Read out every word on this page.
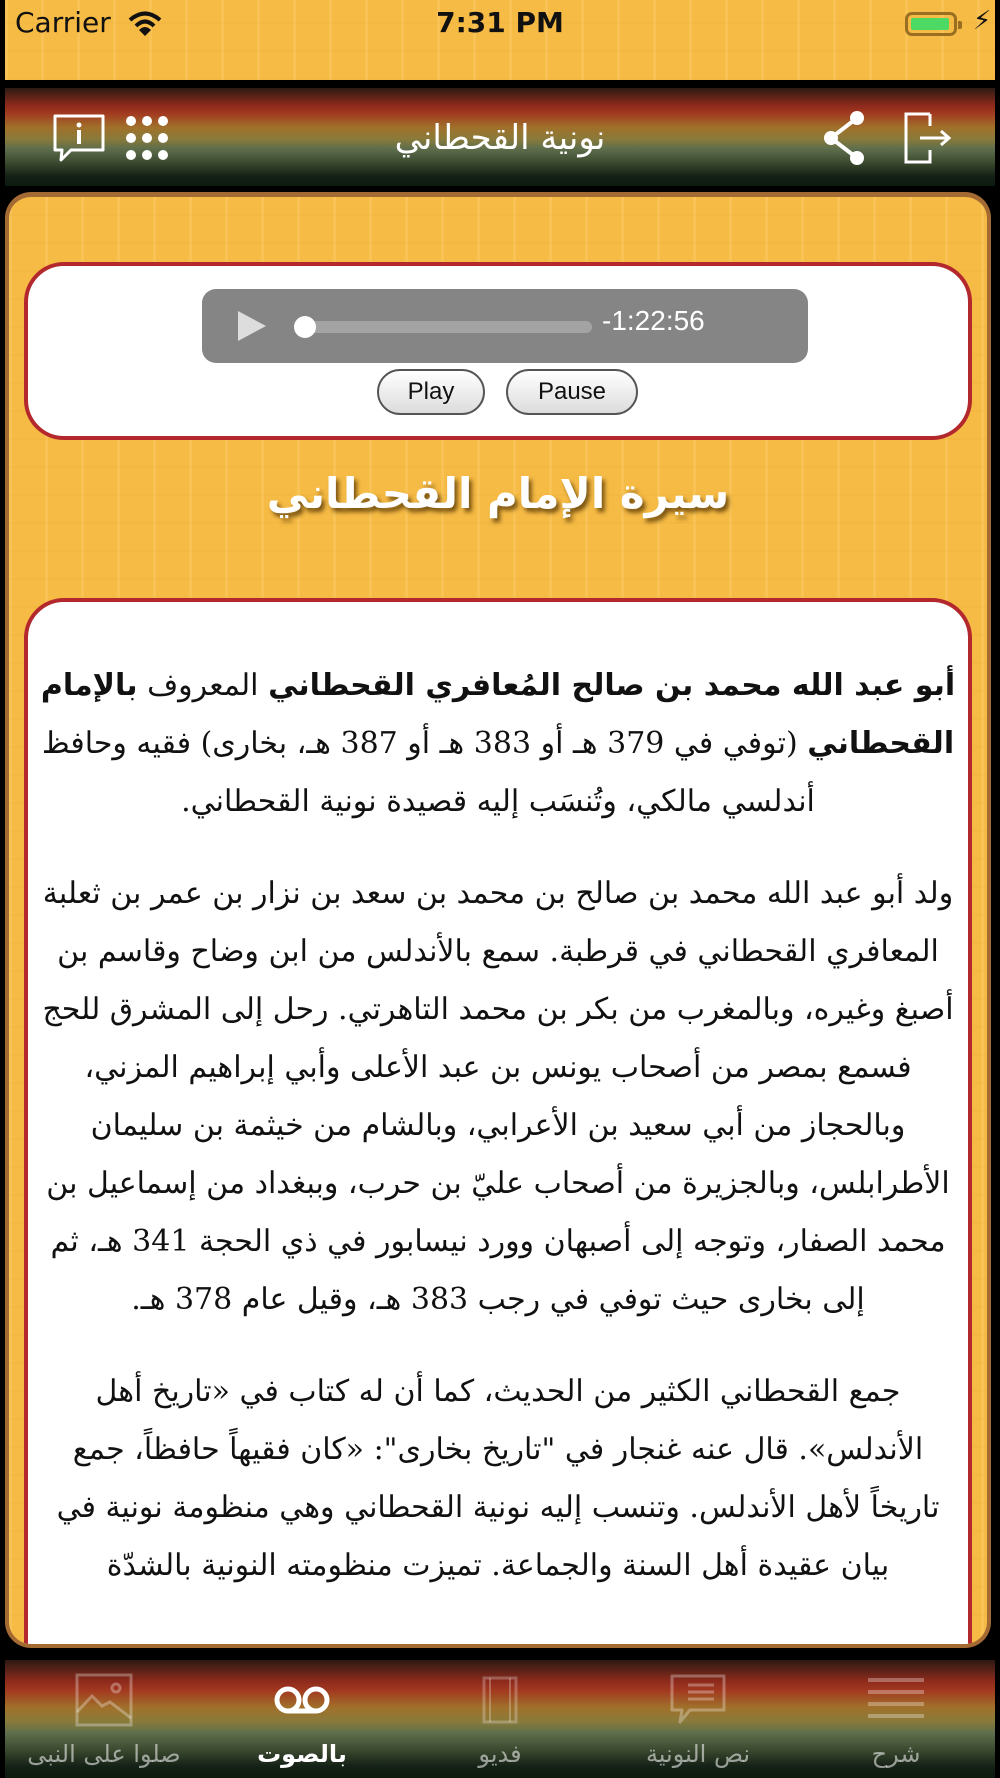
Carrier	7:31 PM	⚡
نونية القحطاني
-1:22:56
Play	Pause
سيرة الإمام القحطاني

أبو عبد الله محمد بن صالح المُعافري القحطاني المعروف بالإمام القحطاني (توفي في 379 هـ أو 383 هـ أو 387 هـ، بخارى) فقيه وحافظ أندلسي مالكي، وتُنسَب إليه قصيدة نونية القحطاني.

ولد أبو عبد الله محمد بن صالح بن محمد بن سعد بن نزار بن عمر بن ثعلبة المعافري القحطاني في قرطبة. سمع بالأندلس من ابن وضاح وقاسم بن أصبغ وغيره، وبالمغرب من بكر بن محمد التاهرتي. رحل إلى المشرق للحج فسمع بمصر من أصحاب يونس بن عبد الأعلى وأبي إبراهيم المزني، وبالحجاز من أبي سعيد بن الأعرابي، وبالشام من خيثمة بن سليمان الأطرابلس، وبالجزيرة من أصحاب عليّ بن حرب، وببغداد من إسماعيل بن محمد الصفار، وتوجه إلى أصبهان وورد نيسابور في ذي الحجة 341 هـ، ثم إلى بخارى حيث توفي في رجب 383 هـ، وقيل عام 378 هـ.

جمع القحطاني الكثير من الحديث، كما أن له كتاب في «تاريخ أهل الأندلس». قال عنه غنجار في "تاريخ بخارى": «كان فقيهاً حافظاً، جمع تاريخاً لأهل الأندلس. وتنسب إليه نونية القحطاني وهي منظومة نونية في بيان عقيدة أهل السنة والجماعة. تميزت منظومته النونية بالشدّة

صلوا على النبى	بالصوت	فديو	نص النونية	شرح
